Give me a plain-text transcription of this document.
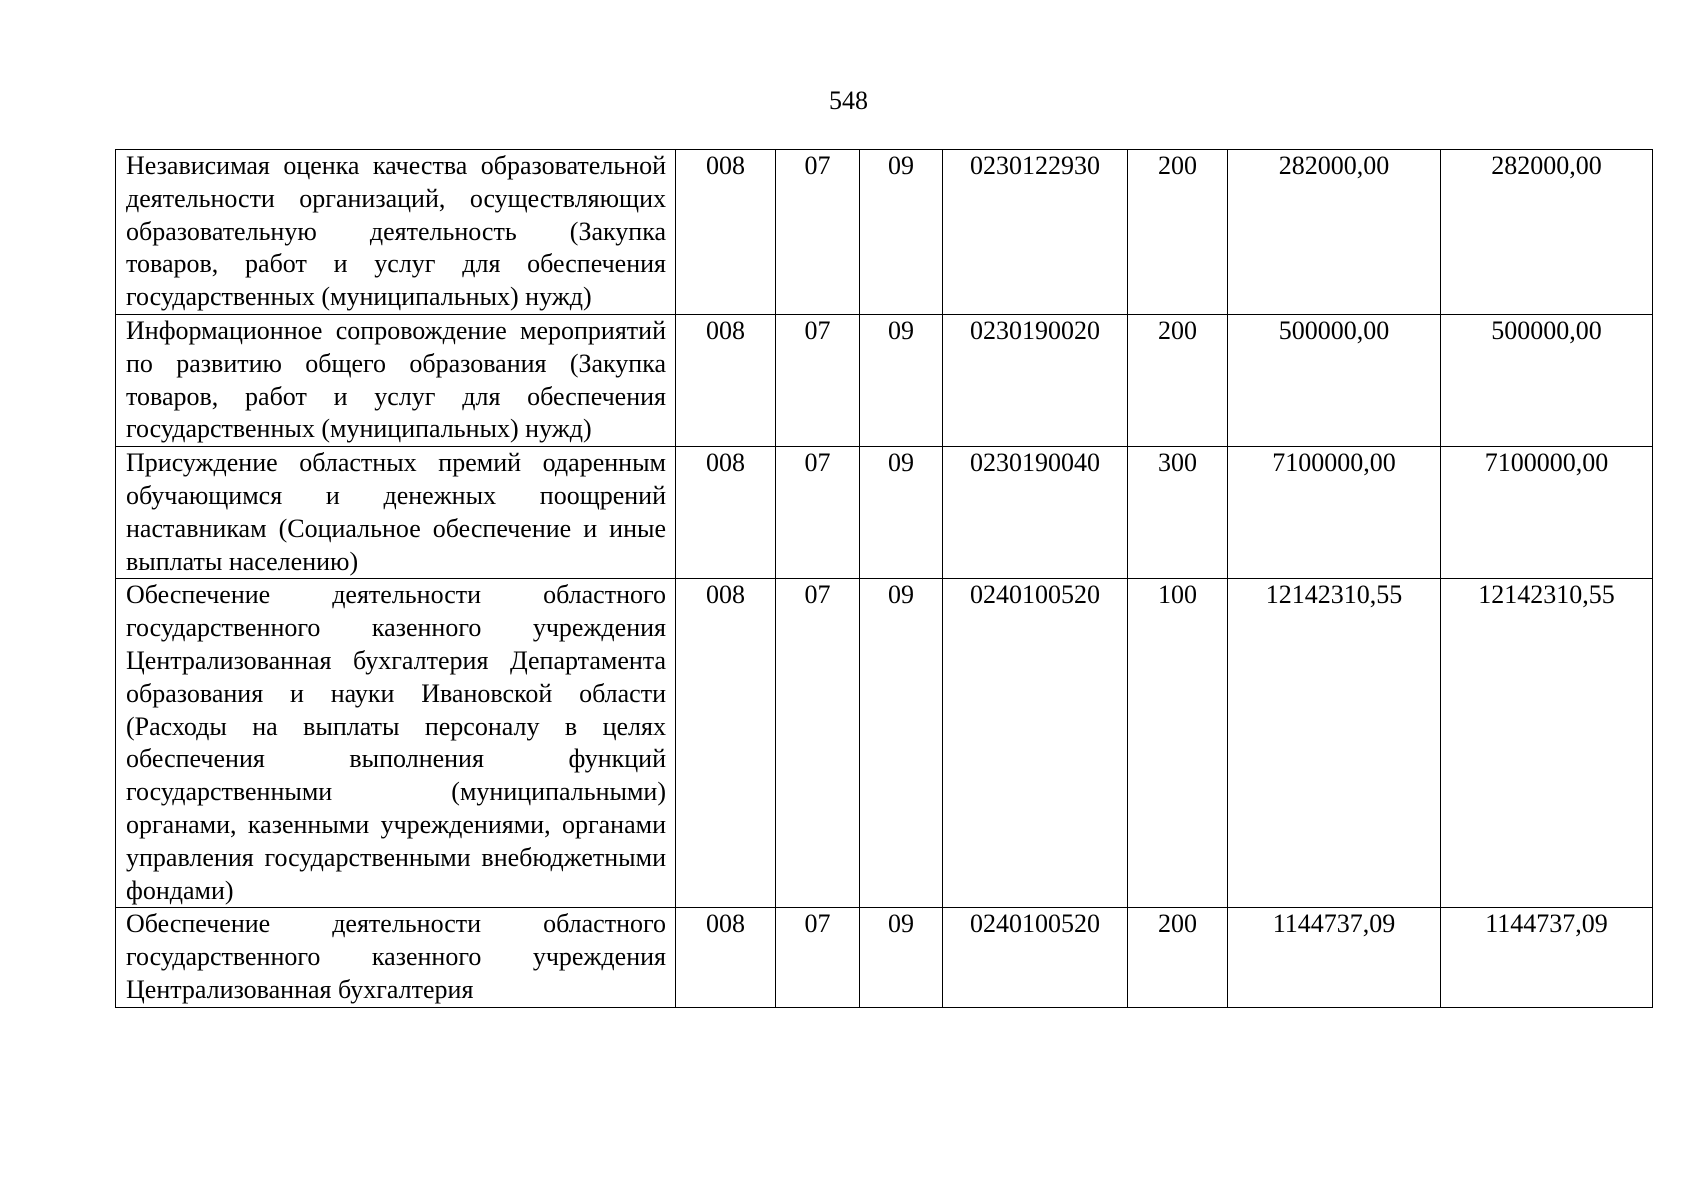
548
Независимая оценка качества образовательной деятельности организаций, осуществляющих образовательную деятельность (Закупка товаров, работ и услуг для обеспечения государственных (муниципальных) нужд)	008	07	09	0230122930	200	282000,00	282000,00
Информационное сопровождение мероприятий по развитию общего образования (Закупка товаров, работ и услуг для обеспечения государственных (муниципальных) нужд)	008	07	09	0230190020	200	500000,00	500000,00
Присуждение областных премий одаренным обучающимся и денежных поощрений наставникам (Социальное обеспечение и иные выплаты населению)	008	07	09	0230190040	300	7100000,00	7100000,00
Обеспечение деятельности областного государственного казенного учреждения Централизованная бухгалтерия Департамента образования и науки Ивановской области (Расходы на выплаты персоналу в целях обеспечения выполнения функций государственными (муниципальными) органами, казенными учреждениями, органами управления государственными внебюджетными фондами)	008	07	09	0240100520	100	12142310,55	12142310,55
Обеспечение деятельности областного государственного казенного учреждения Централизованная бухгалтерия	008	07	09	0240100520	200	1144737,09	1144737,09
